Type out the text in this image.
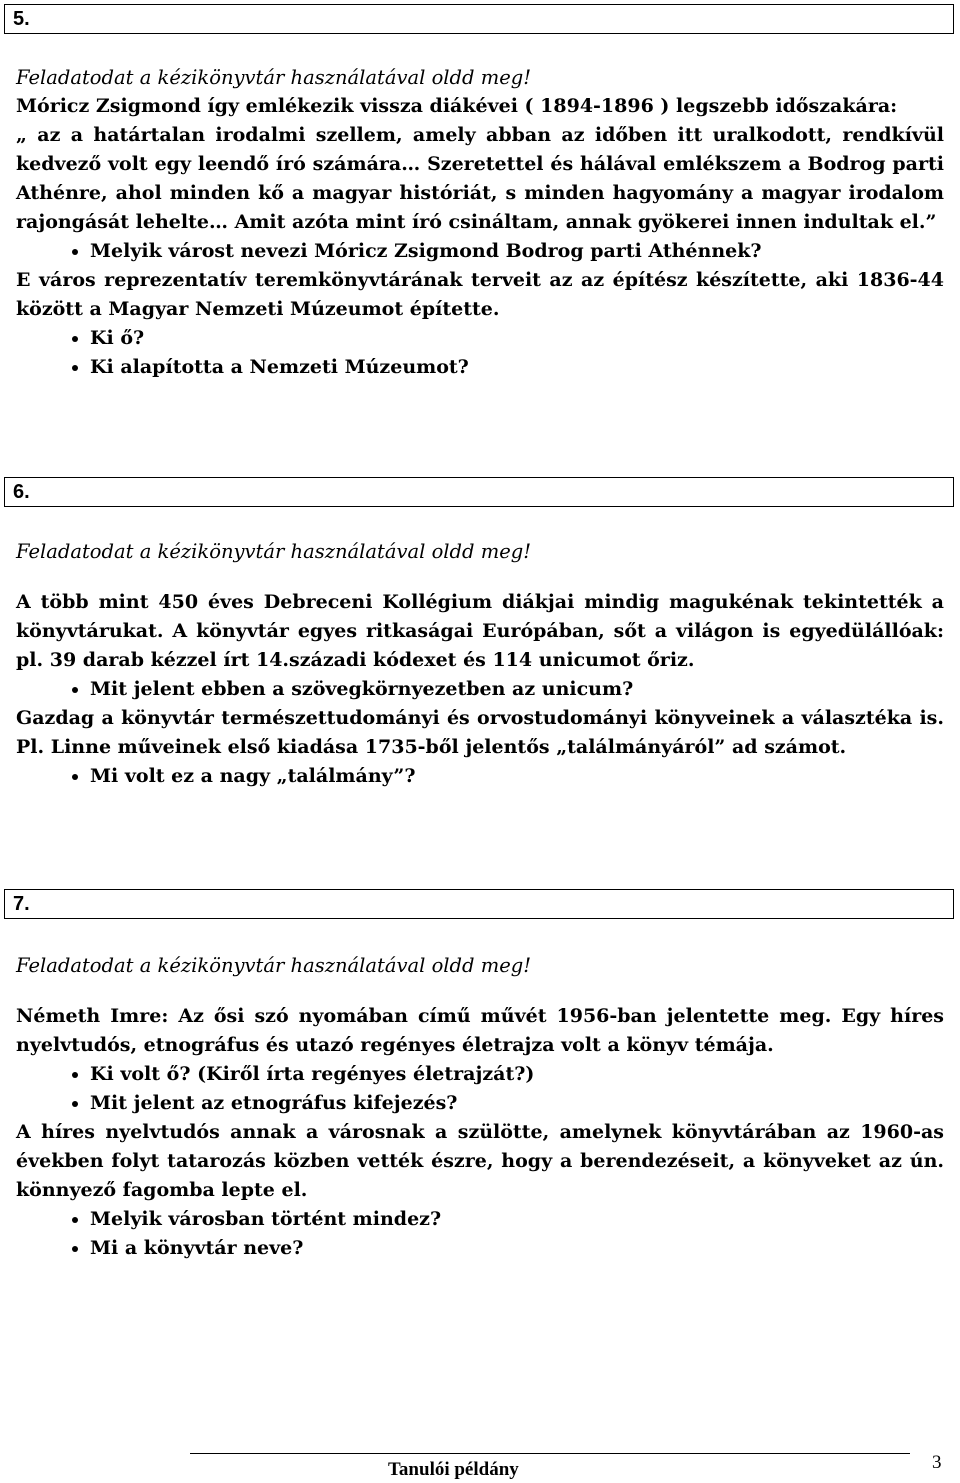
5.
Feladatodat a kézikönyvtár használatával oldd meg!

Móricz Zsigmond így emlékezik vissza diákévei ( 1894-1896 ) legszebb időszakára:

„ az a határtalan irodalmi szellem, amely abban az időben itt uralkodott, rendkívül kedvező volt egy leendő író számára… Szeretettel és hálával emlékszem a Bodrog parti Athénre, ahol minden kő a magyar históriát, s minden hagyomány a magyar irodalom rajongását lehelte… Amit azóta mint író csináltam, annak gyökerei innen indultak el.”

• Melyik várost nevezi Móricz Zsigmond Bodrog parti Athénnek?

E város reprezentatív teremkönyvtárának terveit az az építész készítette, aki 1836-44 között a Magyar Nemzeti Múzeumot építette.

• Ki ő?
• Ki alapította a Nemzeti Múzeumot?
6.
Feladatodat a kézikönyvtár használatával oldd meg!

A több mint 450 éves Debreceni Kollégium diákjai mindig magukénak tekintették a könyvtárukat. A könyvtár egyes ritkaságai Európában, sőt a világon is egyedülállóak: pl. 39 darab kézzel írt 14.századi kódexet és 114 unicumot őriz.

• Mit jelent ebben a szövegkörnyezetben az unicum?

Gazdag a könyvtár természettudományi és orvostudományi könyveinek a választéka is. Pl. Linne műveinek első kiadása 1735-ből jelentős „találmányáról” ad számot.

• Mi volt ez a nagy „találmány”?
7.
Feladatodat a kézikönyvtár használatával oldd meg!

Németh Imre: Az ősi szó nyomában című művét 1956-ban jelentette meg. Egy híres nyelvtudós, etnográfus és utazó regényes életrajza volt a könyv témája.

• Ki volt ő? (Kiről írta regényes életrajzát?)
• Mit jelent az etnográfus kifejezés?

A híres nyelvtudós annak a városnak a szülötte, amelynek könyvtárában az 1960-as években folyt tatarozás közben vették észre, hogy a berendezéseit, a könyveket az ún. könnyező fagomba lepte el.

• Melyik városban történt mindez?
• Mi a könyvtár neve?
Tanulói példány	3
